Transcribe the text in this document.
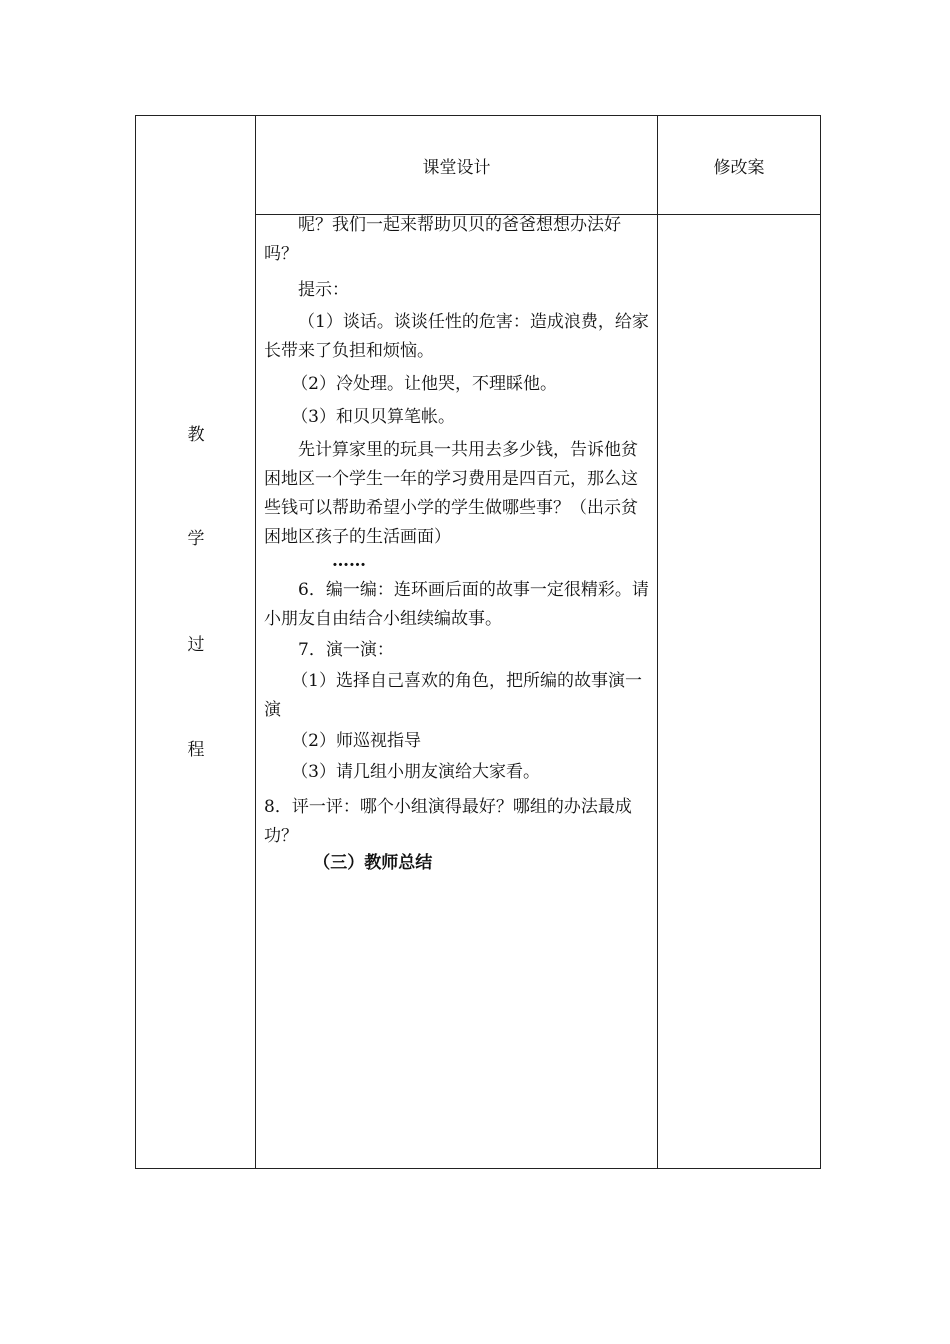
课堂设计	修改案
教
学
过
程

呢？我们一起来帮助贝贝的爸爸想想办法好吗？

提示：

（1）谈话。谈谈任性的危害：造成浪费，给家长带来了负担和烦恼。

（2）冷处理。让他哭，不理睬他。

（3）和贝贝算笔帐。

先计算家里的玩具一共用去多少钱，告诉他贫困地区一个学生一年的学习费用是四百元，那么这些钱可以帮助希望小学的学生做哪些事？（出示贫困地区孩子的生活画面）

……

6．编一编：连环画后面的故事一定很精彩。请小朋友自由结合小组续编故事。

7．演一演：

（1）选择自己喜欢的角色，把所编的故事演一演

（2）师巡视指导

（3）请几组小朋友演给大家看。

8．评一评：哪个小组演得最好？哪组的办法最成功？

（三）教师总结
